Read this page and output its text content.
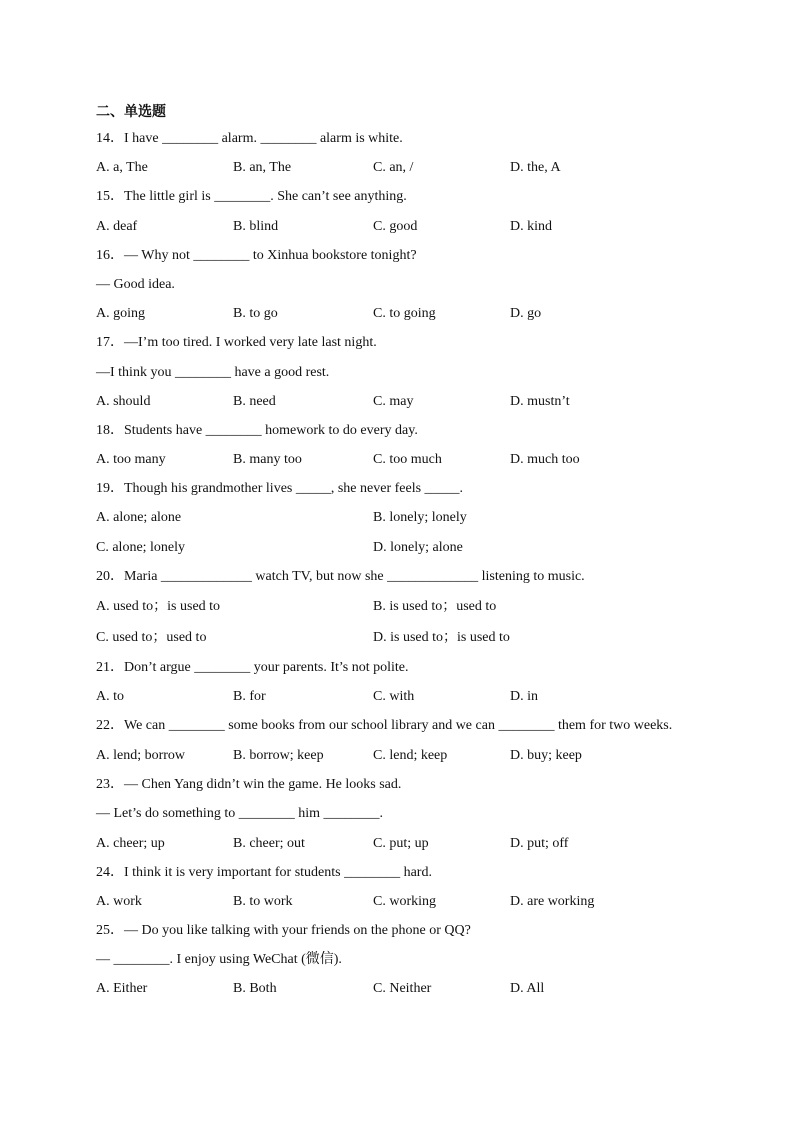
二、单选题
14．I have ________ alarm. ________ alarm is white.
A. a, The	B. an, The	C. an, /	D. the, A
15．The little girl is ________. She can’t see anything.
A. deaf	B. blind	C. good	D. kind
16．— Why not ________ to Xinhua bookstore tonight?
— Good idea.
A. going	B. to go	C. to going	D. go
17．—I’m too tired. I worked very late last night.
—I think you ________ have a good rest.
A. should	B. need	C. may	D. mustn’t
18．Students have ________ homework to do every day.
A. too many	B. many too	C. too much	D. much too
19．Though his grandmother lives _____, she never feels _____.
A. alone; alone	B. lonely; lonely
C. alone; lonely	D. lonely; alone
20．Maria _____________ watch TV, but now she _____________ listening to music.
A. used to；is used to	B. is used to；used to
C. used to；used to	D. is used to；is used to
21．Don’t argue ________ your parents. It’s not polite.
A. to	B. for	C. with	D. in
22．We can ________ some books from our school library and we can ________ them for two weeks.
A. lend; borrow	B. borrow; keep	C. lend; keep	D. buy; keep
23．— Chen Yang didn’t win the game. He looks sad.
— Let’s do something to ________ him ________.
A. cheer; up	B. cheer; out	C. put; up	D. put; off
24．I think it is very important for students ________ hard.
A. work	B. to work	C. working	D. are working
25．— Do you like talking with your friends on the phone or QQ?
— ________. I enjoy using WeChat (微信).
A. Either	B. Both	C. Neither	D. All
